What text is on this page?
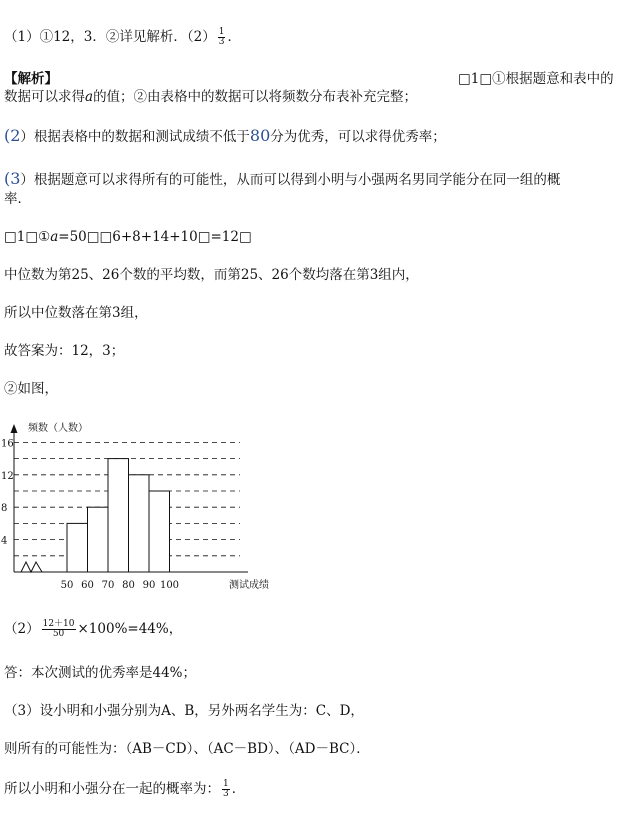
（1）①12，3．②详见解析．$(2) \frac{1}{3}$ ．
【解析】	□1□①根据题意和表中的
数据可以求得a的值；②由表格中的数据可以将频数分布表补充完整；
(2）根据表格中的数据和测试成绩不低于80分为优秀，可以求得优秀率；
(3）根据题意可以求得所有的可能性，从而可以得到小明与小强两名男同学能分在同一组的概
率．
□1□①a=50□□6+8+14+10□=12□
中位数为第25、26个数的平均数，而第25、26个数均落在第3组内，
所以中位数落在第3组，
故答案为：12，3；
②如图，
频数（人数）
4
8
12
16
50 60 70 80 90 100	测试成绩
$(2) \frac{12+10}{50} \times 100\%=44\%$，
答：本次测试的优秀率是44%；
（3）设小明和小强分别为A、B，另外两名学生为：C、D，
则所有的可能性为：（AB－CD）、（AC－BD）、（AD－BC）．
所以小明和小强分在一起的概率为： $\frac{1}{3}$ ．
